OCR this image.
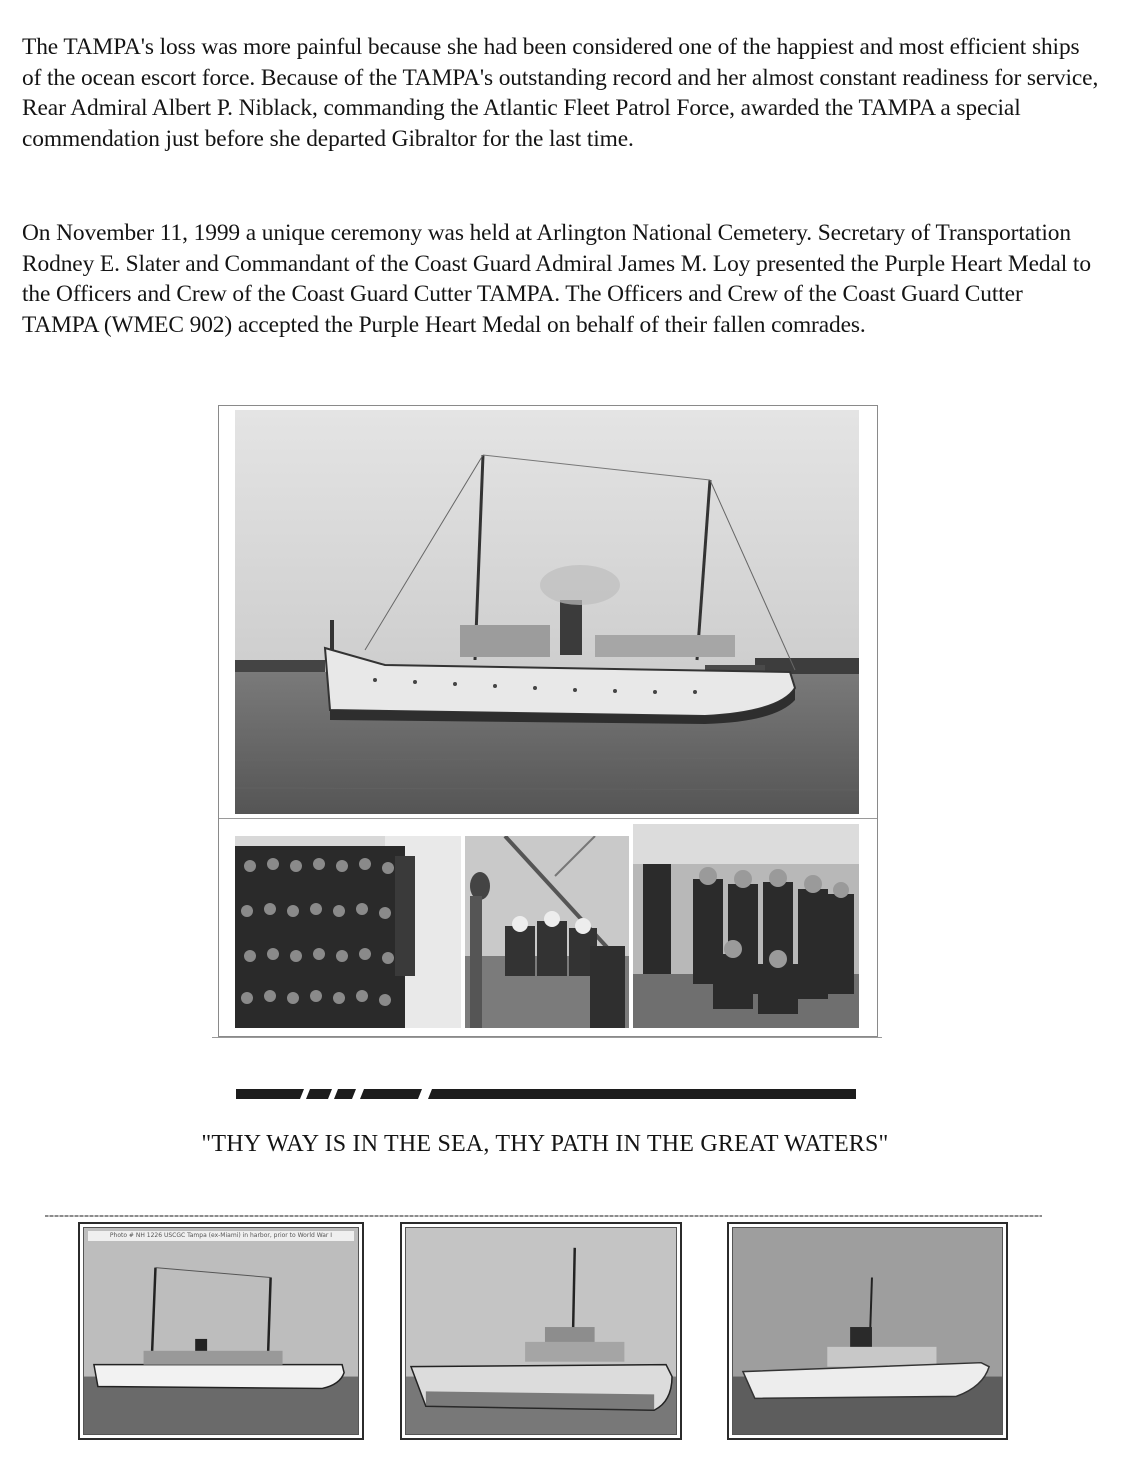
The TAMPA's loss was more painful because she had been considered one of the happiest and most efficient ships of the ocean escort force. Because of the TAMPA's outstanding record and her almost constant readiness for service, Rear Admiral Albert P. Niblack, commanding the Atlantic Fleet Patrol Force, awarded the TAMPA a special commendation just before she departed Gibraltor for the last time.

On November 11, 1999 a unique ceremony was held at Arlington National Cemetery. Secretary of Transportation Rodney E. Slater and Commandant of the Coast Guard Admiral James M. Loy presented the Purple Heart Medal to the Officers and Crew of the Coast Guard Cutter TAMPA. The Officers and Crew of the Coast Guard Cutter TAMPA (WMEC 902) accepted the Purple Heart Medal on behalf of their fallen comrades.

"THY WAY IS IN THE SEA, THY PATH IN THE GREAT WATERS"
Photo # NH 1226 USCGC Tampa (ex-Miami) in harbor, prior to World War I
